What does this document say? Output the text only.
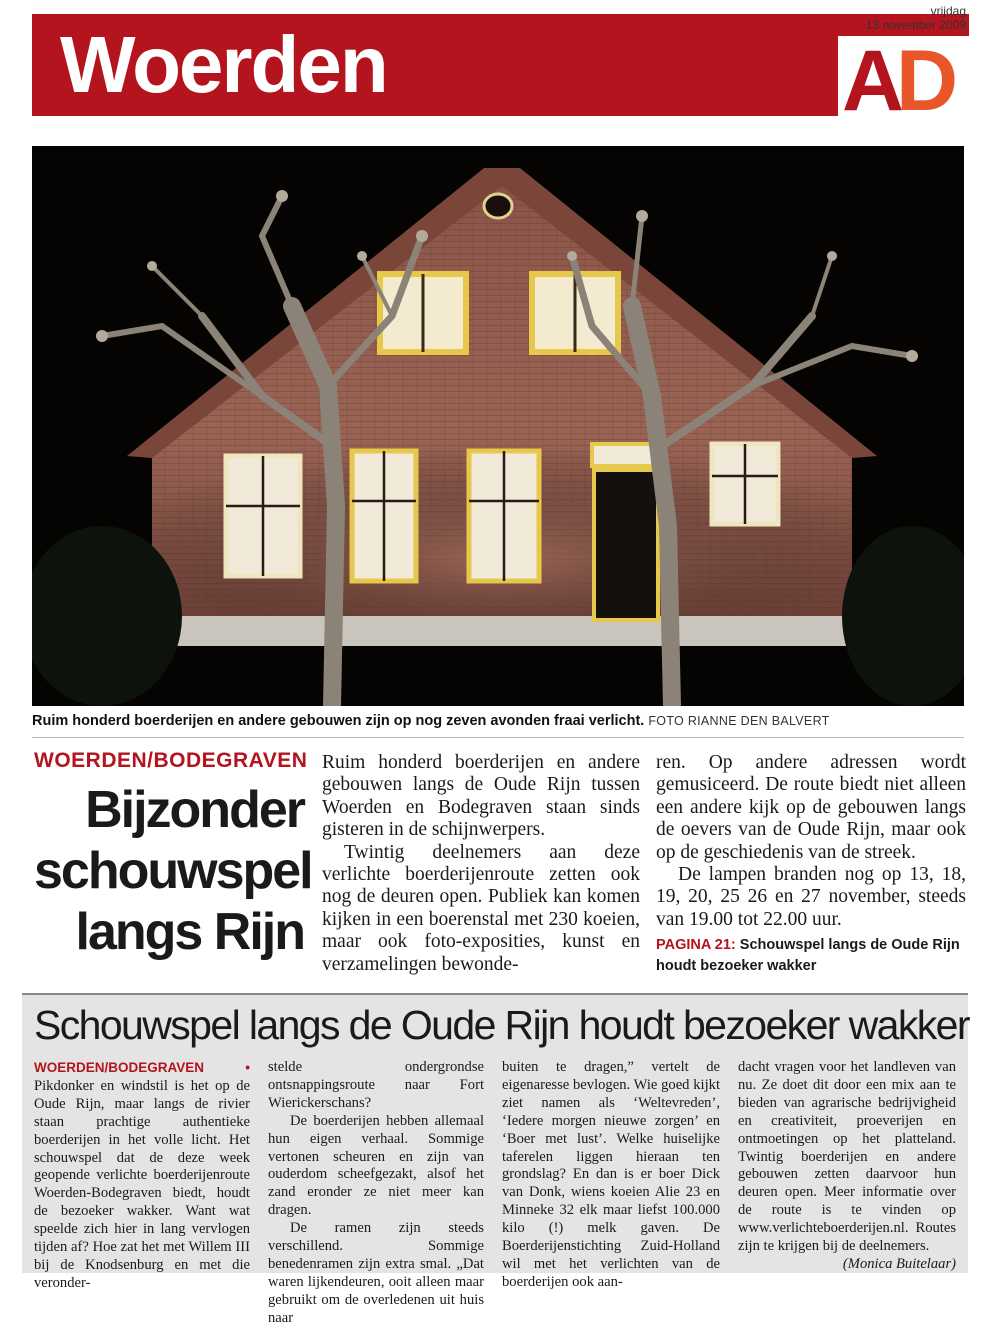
Woerden
vrijdag
13 november 2009
A D
Ruim honderd boerderijen en andere gebouwen zijn op nog zeven avonden fraai verlicht. FOTO RIANNE DEN BALVERT
WOERDEN/BODEGRAVEN
Bijzonder
schouwspel
langs Rijn

Ruim honderd boerderijen en andere gebouwen langs de Oude Rijn tussen Woerden en Bodegraven staan sinds gisteren in de schijnwerpers.

Twintig deelnemers aan deze verlichte boerderijenroute zetten ook nog de deuren open. Publiek kan komen kijken in een boerenstal met 230 koeien, maar ook foto-exposities, kunst en verzamelingen bewonde-

ren. Op andere adressen wordt gemusiceerd. De route biedt niet alleen een andere kijk op de gebouwen langs de oevers van de Oude Rijn, maar ook op de geschiedenis van de streek.

De lampen branden nog op 13, 18, 19, 20, 25 26 en 27 november, steeds van 19.00 tot 22.00 uur.

PAGINA 21: Schouwspel langs de Oude Rijn houdt bezoeker wakker
Schouwspel langs de Oude Rijn houdt bezoeker wakker

WOERDEN/BODEGRAVEN • Pikdonker en windstil is het op de Oude Rijn, maar langs de rivier staan prachtige authentieke boerderijen in het volle licht. Het schouwspel dat de deze week geopende verlichte boerderijenroute Woerden-Bodegraven biedt, houdt de bezoeker wakker. Want wat speelde zich hier in lang vervlogen tijden af? Hoe zat het met Willem III bij de Knodsenburg en met die veronder-

stelde ondergrondse ontsnappingsroute naar Fort Wierickerschans?

De boerderijen hebben allemaal hun eigen verhaal. Sommige vertonen scheuren en zijn van ouderdom scheefgezakt, alsof het zand eronder ze niet meer kan dragen.

De ramen zijn steeds verschillend. Sommige benedenramen zijn extra smal. „Dat waren lijkendeuren, ooit alleen maar gebruikt om de overledenen uit huis naar

buiten te dragen,” vertelt de eigenaresse bevlogen. Wie goed kijkt ziet namen als ‘Weltevreden’, ‘Iedere morgen nieuwe zorgen’ en ‘Boer met lust’. Welke huiselijke taferelen liggen hieraan ten grondslag? En dan is er boer Dick van Donk, wiens koeien Alie 23 en Minneke 32 elk maar liefst 100.000 kilo (!) melk gaven. De Boerderijenstichting Zuid-Holland wil met het verlichten van de boerderijen ook aan-

dacht vragen voor het landleven van nu. Ze doet dit door een mix aan te bieden van agrarische bedrijvigheid en creativiteit, proeverijen en ontmoetingen op het platteland. Twintig boerderijen en andere gebouwen zetten daarvoor hun deuren open. Meer informatie over de route is te vinden op www.verlichteboerderijen.nl. Routes zijn te krijgen bij de deelnemers.

(Monica Buitelaar)
